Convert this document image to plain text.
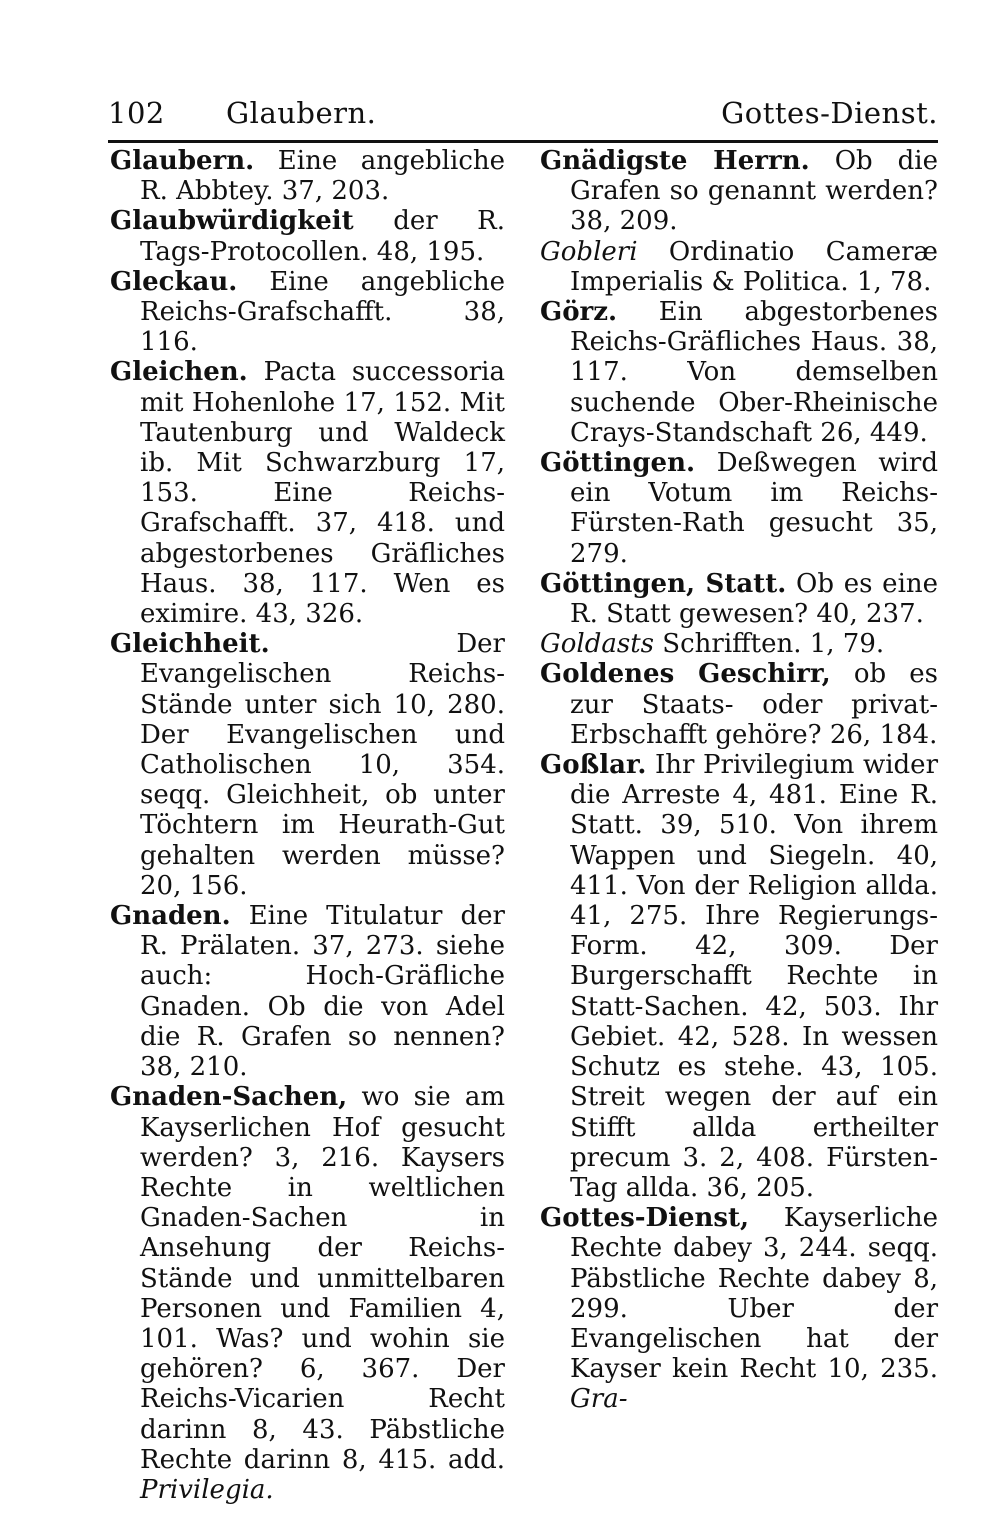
102 Glaubern.	Gottes-Dienst.

Glaubern. Eine angebliche R. Abbtey. 37, 203.

Glaubwürdigkeit der R. Tags-Protocollen. 48, 195.

Gleckau. Eine angebliche Reichs-Grafschafft. 38, 116.

Gleichen. Pacta successoria mit Hohenlohe 17, 152. Mit Tautenburg und Waldeck ib. Mit Schwarzburg 17, 153. Eine Reichs-Grafschafft. 37, 418. und abgestorbenes Gräfliches Haus. 38, 117. Wen es eximire. 43, 326.

Gleichheit.	Der Evangelischen Reichs-Stände unter sich 10, 280. Der Evangelischen und Catholischen 10, 354. seqq. Gleichheit, ob unter Töchtern im Heurath-Gut gehalten werden müsse? 20, 156.

Gnaden. Eine Titulatur der R. Prälaten. 37, 273. siehe auch: Hoch-Gräfliche Gnaden. Ob die von Adel die R. Grafen so nennen? 38, 210.

Gnaden-Sachen, wo sie am Kayserlichen Hof gesucht werden? 3, 216. Kaysers Rechte in weltlichen Gnaden-Sachen in Ansehung der Reichs-Stände und unmittelbaren Personen und Familien 4, 101. Was? und wohin sie gehören? 6, 367. Der Reichs-Vicarien Recht darinn 8, 43. Päbstliche Rechte darinn 8, 415. add. Privilegia.

Gnädigste Herrn. Ob die Grafen so genannt werden? 38, 209.

Gobleri Ordinatio Cameræ Imperialis & Politica. 1, 78.

Görz. Ein abgestorbenes Reichs-Gräfliches Haus. 38, 117. Von demselben suchende Ober-Rheinische Crays-Standschaft 26, 449.

Göttingen. Deßwegen wird ein Votum im Reichs-Fürsten-Rath gesucht 35, 279.

Göttingen, Statt. Ob es eine R. Statt gewesen? 40, 237.

Goldasts Schrifften. 1, 79.

Goldenes Geschirr, ob es zur Staats- oder privat-Erbschafft gehöre? 26, 184.

Goßlar. Ihr Privilegium wider die Arreste 4, 481. Eine R. Statt. 39, 510. Von ihrem Wappen und Siegeln. 40, 411. Von der Religion allda. 41, 275. Ihre Regierungs-Form. 42, 309. Der Burgerschafft Rechte in Statt-Sachen. 42, 503. Ihr Gebiet. 42, 528. In wessen Schutz es stehe. 43, 105. Streit wegen der auf ein Stifft allda ertheilter precum 3. 2, 408. Fürsten-Tag allda. 36, 205.

Gottes-Dienst, Kayserliche Rechte dabey 3, 244. seqq. Päbstliche Rechte dabey 8, 299. Uber der Evangelischen hat der Kayser kein Recht 10, 235. Gra-
